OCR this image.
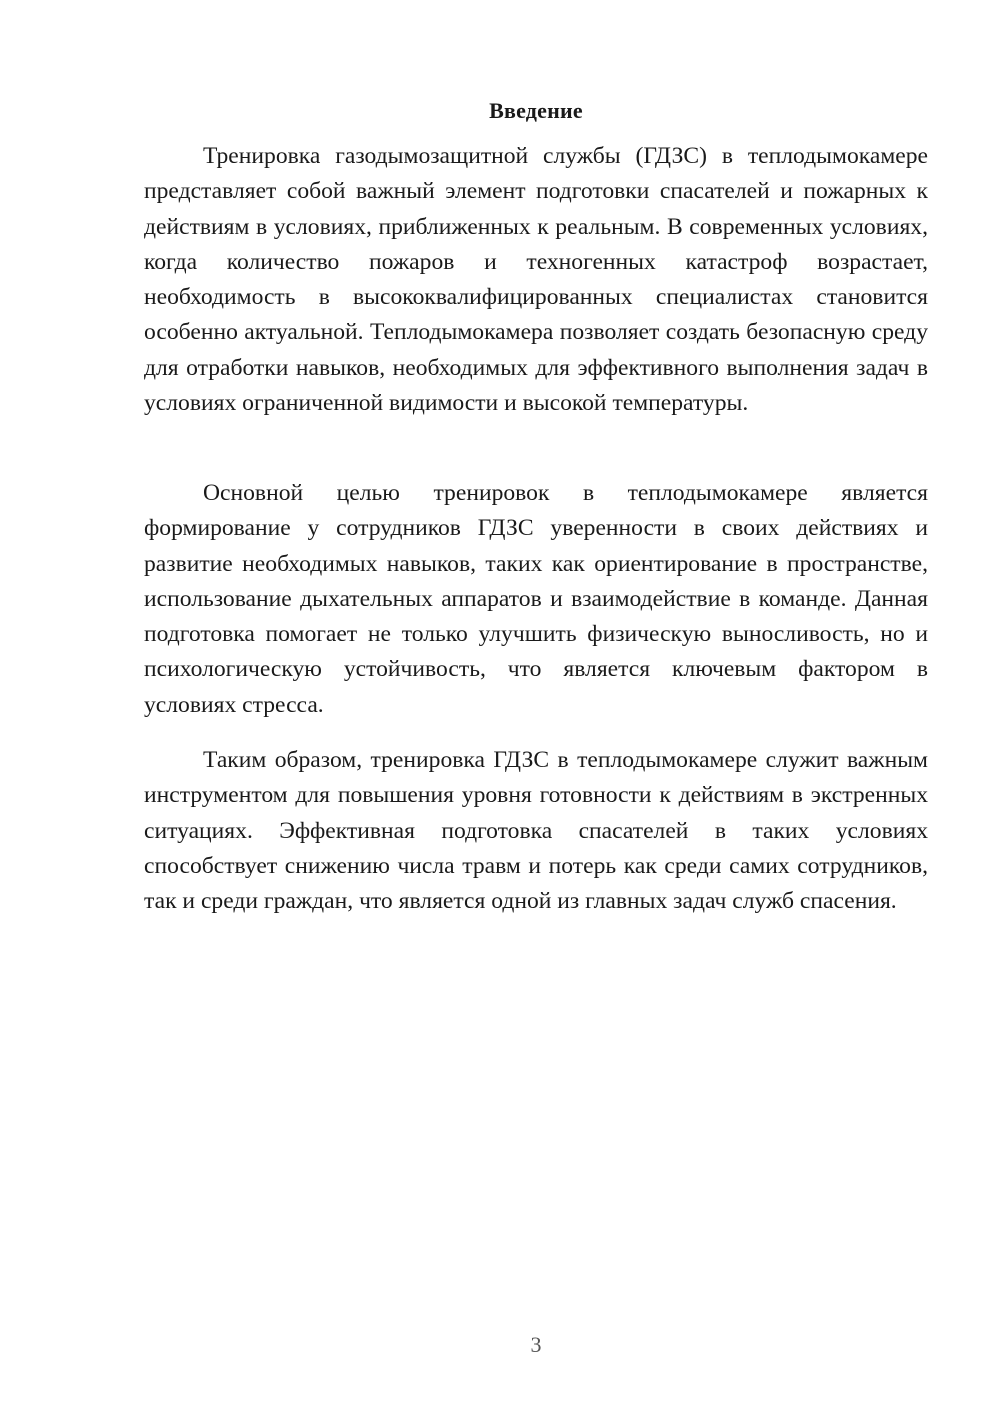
Введение

Тренировка газодымозащитной службы (ГДЗС) в теплодымокамере представляет собой важный элемент подготовки спасателей и пожарных к действиям в условиях, приближенных к реальным. В современных условиях, когда количество пожаров и техногенных катастроф возрастает, необходимость в высококвалифицированных специалистах становится особенно актуальной. Теплодымокамера позволяет создать безопасную среду для отработки навыков, необходимых для эффективного выполнения задач в условиях ограниченной видимости и высокой температуры.

Основной целью тренировок в теплодымокамере является формирование у сотрудников ГДЗС уверенности в своих действиях и развитие необходимых навыков, таких как ориентирование в пространстве, использование дыхательных аппаратов и взаимодействие в команде. Данная подготовка помогает не только улучшить физическую выносливость, но и психологическую устойчивость, что является ключевым фактором в условиях стресса.

Таким образом, тренировка ГДЗС в теплодымокамере служит важным инструментом для повышения уровня готовности к действиям в экстренных ситуациях. Эффективная подготовка спасателей в таких условиях способствует снижению числа травм и потерь как среди самих сотрудников, так и среди граждан, что является одной из главных задач служб спасения.

3
